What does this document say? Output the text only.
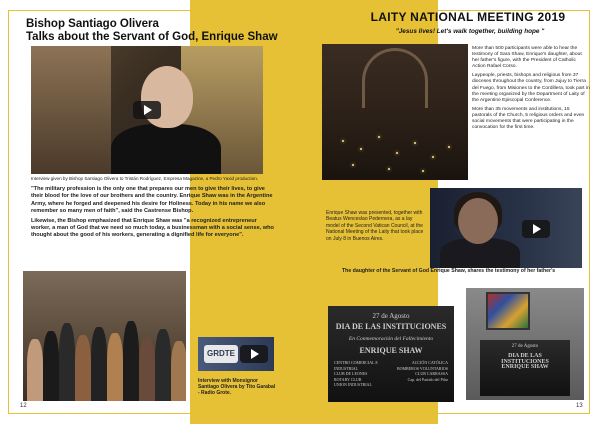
Bishop Santiago Olivera
Talks about the Servant of God, Enrique Shaw
Interview given by Bishop Santiago Olivera to Tristán Rodríguez, Empresa Magazine, a Pedro Yaxid production.

"The military profession is the only one that prepares our men to give their lives, to give their blood for the love of our brothers and the country. Enrique Shaw was in the Argentine Army, where he forged and deepened his desire for Holiness. Today in his name we also remember so many men of faith", said the Castrense Bishop.

Likewise, the Bishop emphasized that Enrique Shaw was "a recognized entrepreneur worker, a man of God that we need so much today, a businessman with a social sense, who thought about the good of his workers, generating a dignified life for everyone".

GRDTE
Interview with Monsignor Santiago Olivera by Tito Garabal - Radio Grote.
12
LAITY NATIONAL MEETING 2019
"Jesus lives! Let's walk together, building hope "

More than 500 participants were able to hear the testimony of Sara Shaw, Enrique's daughter, about her father's figure, with the President of Catholic Action Rafael Corso.

Laypeople, priests, bishops and religious from 37 dioceses throughout the country, from Jujuy to Tierra del Fuego, from Misiones to the Cordillera, took part in the meeting organized by the Department of Laity of the Argentine Episcopal Conference.

More than 35 movements and institutions, 15 pastorals of the Church, 5 religious orders and even social movements that were participating in the convocation for the first time.

Enrique Shaw was presented, together with Beatus Wenceslao Pedernera, as a lay model of the Second Vatican Council, at the National Meeting of the Laity that took place on July 8 in Buenos Aires.
The daughter of the Servant of God Enrique Shaw, shares the testimony of her father's
27 de Agosto
DIA DE LAS INSTITUCIONES
En Conmemoración del Fallecimiento
ENRIQUE SHAW
CENTRO COMERCIAL E INDUSTRIAL
CLUB DE LEONES
ROTARY CLUB
UNION INDUSTRIAL
ACCIÓN CATÓLICA
BOMBEROS VOLUNTARIOS
CLUB CARRASSA
Cap. del Partido del Pilar
27 de Agosto
DIA DE LAS INSTITUCIONES
ENRIQUE SHAW
13
